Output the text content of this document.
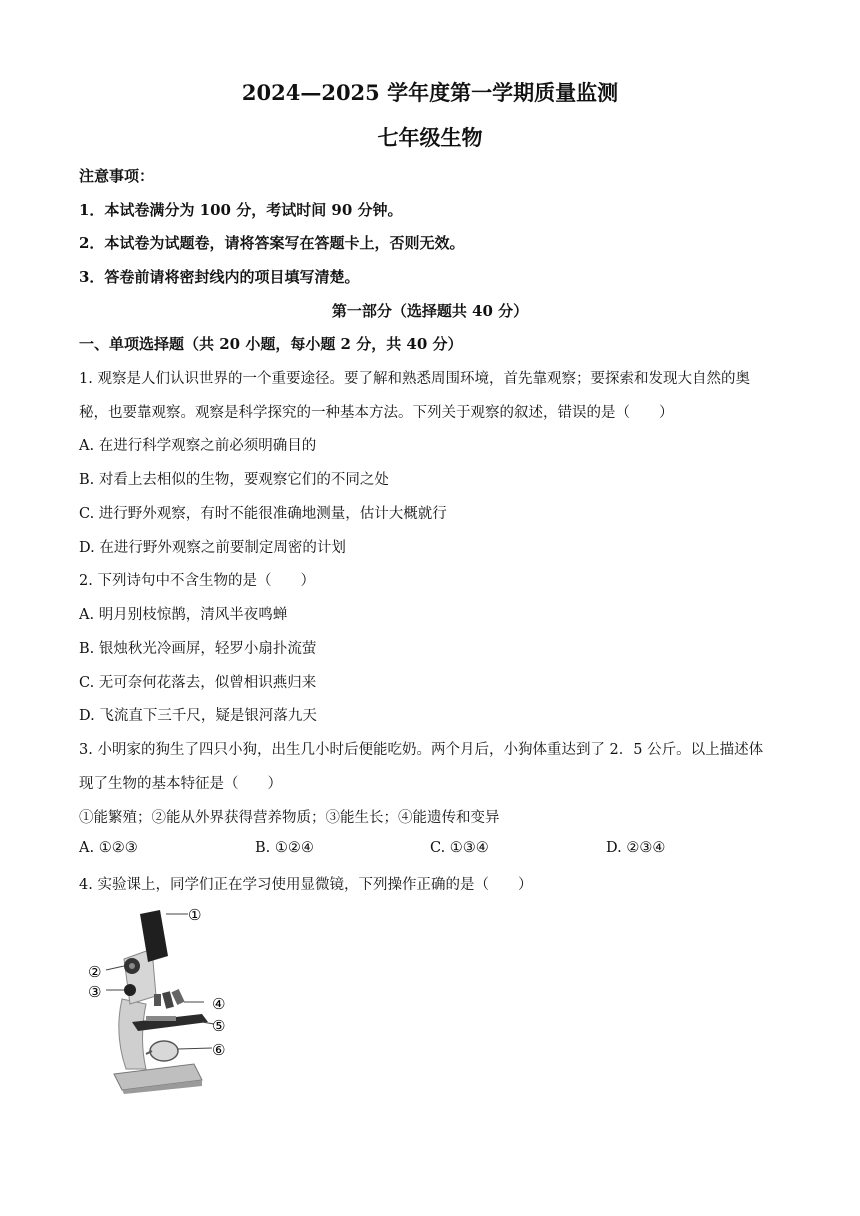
2024—2025 学年度第一学期质量监测
七年级生物
注意事项：
1．本试卷满分为 100 分，考试时间 90 分钟。
2．本试卷为试题卷，请将答案写在答题卡上，否则无效。
3．答卷前请将密封线内的项目填写清楚。
第一部分（选择题共 40 分）
一、单项选择题（共 20 小题，每小题 2 分，共 40 分）
1. 观察是人们认识世界的一个重要途径。要了解和熟悉周围环境，首先靠观察；要探索和发现大自然的奥
秘，也要靠观察。观察是科学探究的一种基本方法。下列关于观察的叙述，错误的是（　　）
A. 在进行科学观察之前必须明确目的
B. 对看上去相似的生物，要观察它们的不同之处
C. 进行野外观察，有时不能很准确地测量，估计大概就行
D. 在进行野外观察之前要制定周密的计划
2. 下列诗句中不含生物的是（　　）
A. 明月别枝惊鹊，清风半夜鸣蝉
B. 银烛秋光冷画屏，轻罗小扇扑流萤
C. 无可奈何花落去，似曾相识燕归来
D. 飞流直下三千尺，疑是银河落九天
3. 小明家的狗生了四只小狗，出生几小时后便能吃奶。两个月后，小狗体重达到了 2．5 公斤。以上描述体
现了生物的基本特征是（　　）
①能繁殖；②能从外界获得营养物质；③能生长；④能遗传和变异
A. ①②③	B. ①②④	C. ①③④	D. ②③④
4. 实验课上，同学们正在学习使用显微镜，下列操作正确的是（　　）
①
②
③
④
⑤
⑥
